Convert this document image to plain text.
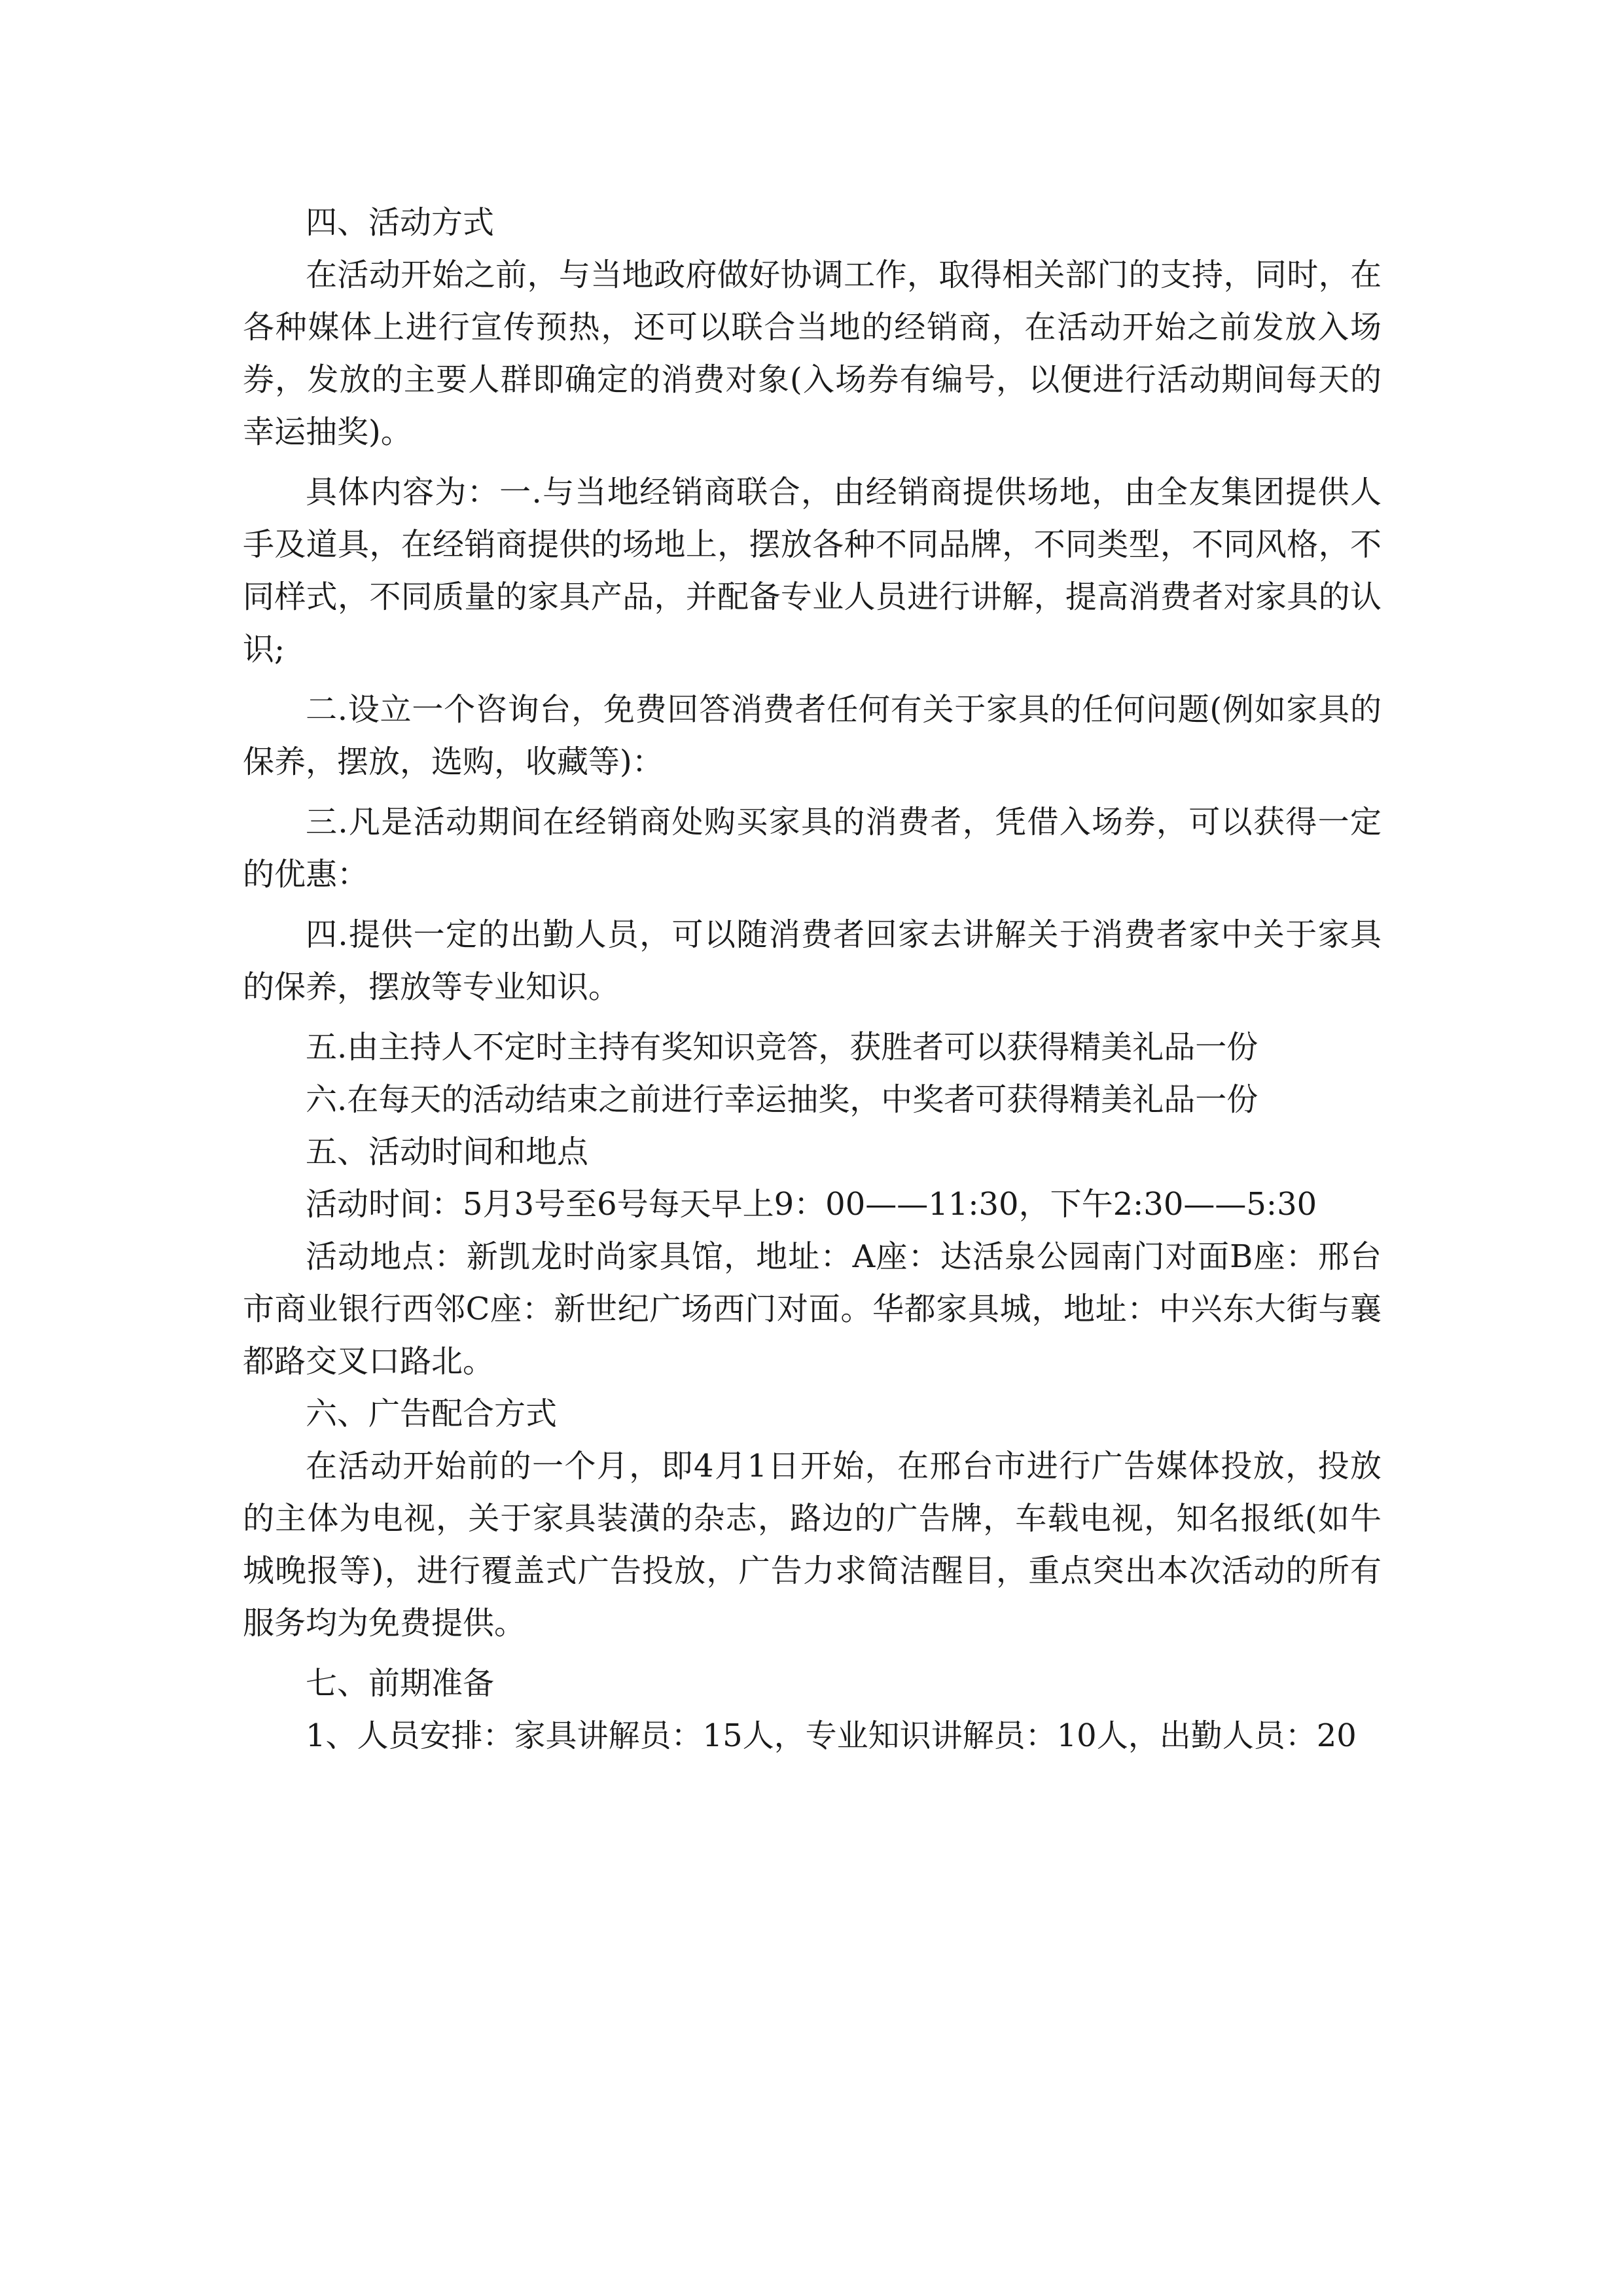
四、活动方式

在活动开始之前，与当地政府做好协调工作，取得相关部门的支持，同时，在各种媒体上进行宣传预热，还可以联合当地的经销商，在活动开始之前发放入场券，发放的主要人群即确定的消费对象(入场券有编号，以便进行活动期间每天的幸运抽奖)。

具体内容为：一.与当地经销商联合，由经销商提供场地，由全友集团提供人手及道具，在经销商提供的场地上，摆放各种不同品牌，不同类型，不同风格，不同样式，不同质量的家具产品，并配备专业人员进行讲解，提高消费者对家具的认识;

二.设立一个咨询台，免费回答消费者任何有关于家具的任何问题(例如家具的保养，摆放，选购，收藏等)：

三.凡是活动期间在经销商处购买家具的消费者，凭借入场券，可以获得一定的优惠：

四.提供一定的出勤人员，可以随消费者回家去讲解关于消费者家中关于家具的保养，摆放等专业知识。

五.由主持人不定时主持有奖知识竞答，获胜者可以获得精美礼品一份

六.在每天的活动结束之前进行幸运抽奖，中奖者可获得精美礼品一份

五、活动时间和地点

活动时间：5月3号至6号每天早上9：00——11:30，下午2:30——5:30

活动地点：新凯龙时尚家具馆，地址：A座：达活泉公园南门对面B座：邢台市商业银行西邻C座：新世纪广场西门对面。华都家具城，地址：中兴东大街与襄都路交叉口路北。

六、广告配合方式

在活动开始前的一个月，即4月1日开始，在邢台市进行广告媒体投放，投放的主体为电视，关于家具装潢的杂志，路边的广告牌，车载电视，知名报纸(如牛城晚报等)，进行覆盖式广告投放，广告力求简洁醒目，重点突出本次活动的所有服务均为免费提供。

七、前期准备

1、人员安排：家具讲解员：15人，专业知识讲解员：10人，出勤人员：20
